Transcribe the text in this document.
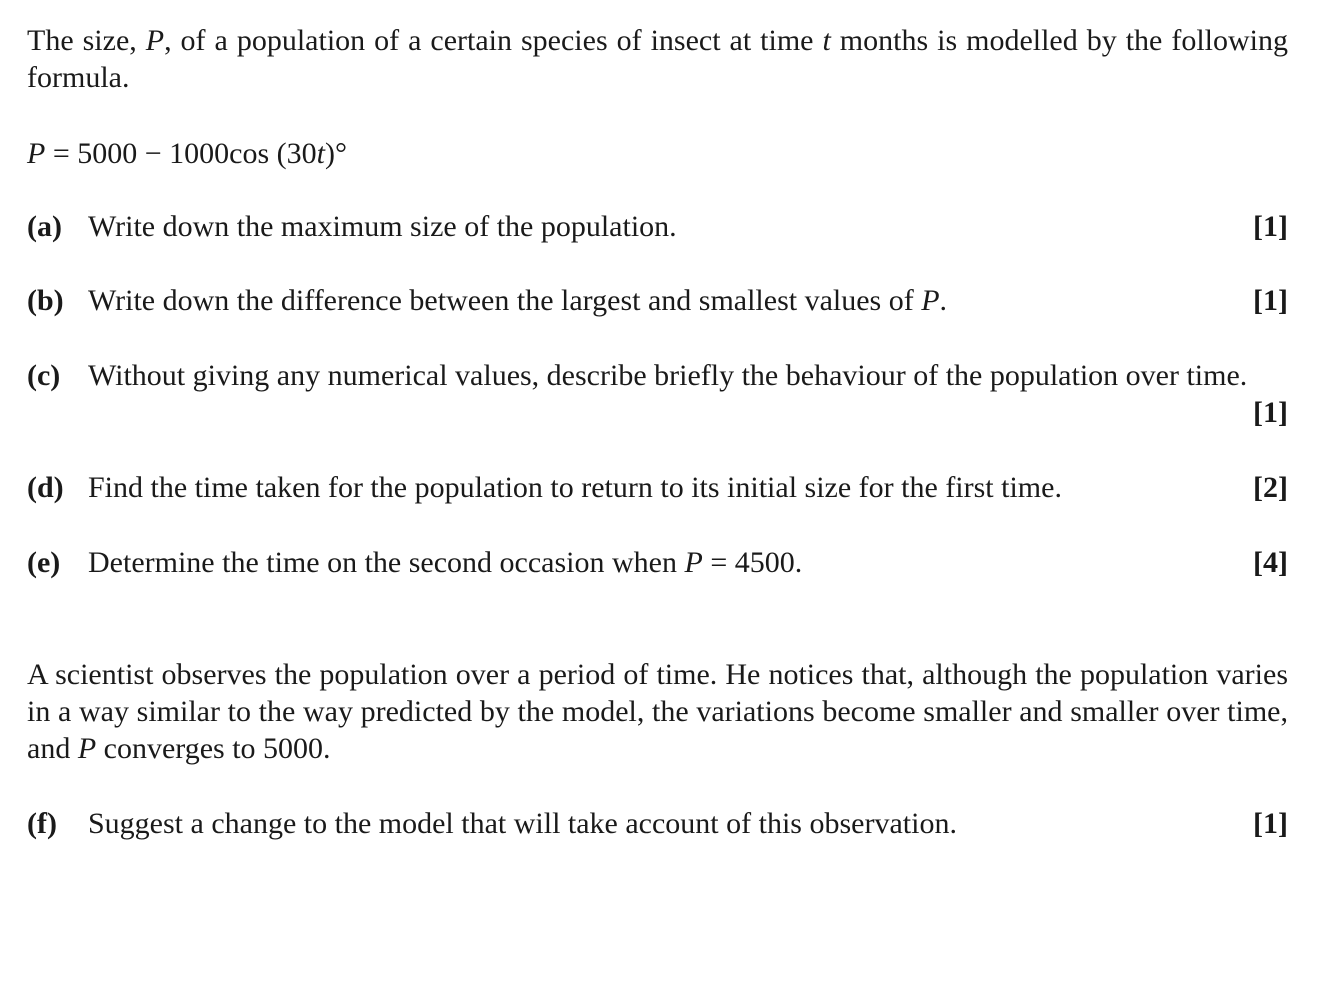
The size, P, of a population of a certain species of insect at time t months is modelled by the following formula.

P = 5000 − 1000cos (30t)°

(a) Write down the maximum size of the population.	[1]
(b) Write down the difference between the largest and smallest values of P.	[1]
(c) Without giving any numerical values, describe briefly the behaviour of the population over time.
[1]
(d) Find the time taken for the population to return to its initial size for the first time.	[2]
(e) Determine the time on the second occasion when P = 4500.	[4]

A scientist observes the population over a period of time. He notices that, although the population varies in a way similar to the way predicted by the model, the variations become smaller and smaller over time, and P converges to 5000.

(f) Suggest a change to the model that will take account of this observation.	[1]
